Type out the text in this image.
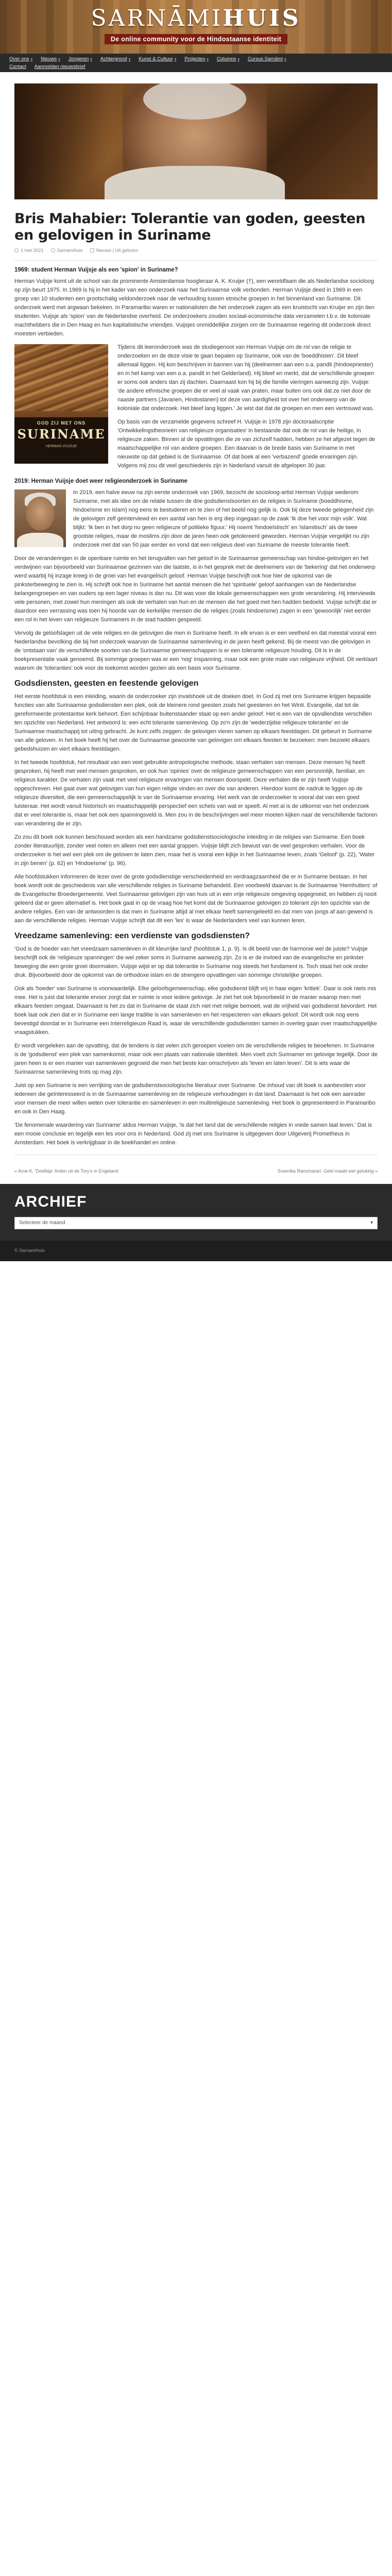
SARNĀMIHUIS
De online community voor de Hindostaanse identiteit
Over ons ▾ Nieuws ▾ Jongeren ▾ Achtergrond ▾ Kunst & Cultuur ▾ Projecten ▾ Columns ▾ Cursus Sarnāmi ▾
Contact Aanmelden nieuwsbrief
Bris Mahabier: Tolerantie van goden, geesten en gelovigen in Suriname
1 mei 2021	Sarnamihuis	Nieuws | Uit gelezen
1969: student Herman Vuijsje als een 'spion' in Suriname?

Herman Vuijsje komt uit de school van de prominente Amsterdamse hoogleraar A. K. Kruijer (†), een wereldfaam die als Nederlandse socioloog op zijn beurt 1975. In 1969 is hij in het kader van een onderzoek naar het Surinaamse volk verbonden. Herman Vuijsje deed in 1969 in een groep van 10 studenten een grootschalig veldonderzoek naar de verhouding tussen etnische groepen in het binnenland van Suriname. Dit onderzoek werd met argwaan bekeken. In Paramaribo waren er nationalisten die het onderzoek zagen als een kruistocht van Kruijer en zijn tien studenten. Vuijsje als 'spion' van de Nederlandse overheid. De onderzoekers zouden sociaal-economische data verzamelen t.b.v. de koloniale machthebbers die in Den Haag en hun kapitalistische vriendjes. Vuijsjes onmiddellijke zorgen om de Surinaamse regering dit onderzoek direct moesten verbieden.

GOD ZIJ MET ONS
SURINAME
HERMAN VUIJSJE

Tijdens dit leeronderzoek was de studiegenoot van Herman Vuijsje om de rol van de religie te onderzoeken en de deze visie te gaan bepalen op Suriname, ook van de 'boeddhisten'. Dit bleef allemaal liggen. Hij kon beschrijven in bannen van hij (deelnemen aan een o.a. pandit (hindoepriester) en in het kamp van een o.a. pandit in het Gelderland). Hij bleef en merkt, dat de verschillende groepen er soms ook anders dan zij dachten. Daarnaast kon hij bij die familie vieringen aanwezig zijn. Vuijsje: 'de andere ethnische groepen die er veel al vaak van praten, maar buiten ons ook dat ze niet door de naaste partners (Javanen, Hindostanen) tot deze van aardigheid tot over het onderwerp van de koloniale dat onderzoek. Het bleef lang liggen.' Je wist dat dat de groepen en men een vertrouwd was.

Op basis van de verzamelde gegevens schreef H. Vuijsje in 1978 zijn doctoraalscriptie 'Ontwikkelingstheorieën van religieuze organisaties' in bestaande dat ook de rol van de heilige, in religieuze zaken. Binnen al de opvattingen die ze van zichzelf hadden, hebben ze het afgezet tegen de maatschappelijke rol van andere groepen. Een daarvan is de brede basis van Suriname in met nieuwste op dat gebied is de Surinaamse. Of dat boek al een 'verbazend' goede ervaringen zijn. Volgens mij zou dit veel geschiedenis zijn in Nederland vanuit de afgelopen 30 jaar.

2019: Herman Vuijsje doet weer religieonderzoek in Suriname

In 2019, een halve eeuw na zijn eerste onderzoek van 1969, bezocht de socioloog-artist Herman Vuijsje wederom Suriname, met als idee om de relatie tussen de drie godsdienstsoorten en de religies in Suriname (boeddhisme, hindoeïsme en islam) nog eens te bestuderen en te zien of het beeld nog gelijk is. Ook bij deze tweede gelegenheid zijn de gelovigen zelf geïnterviewd en een aantal van hen is erg diep ingegaan op de zaak 'Ik doe het voor mijn volk'. Wat blijkt: 'Ik ben in het dorp nu geen religieuze of politieke figuur.' Hij noemt 'hindoeïstisch' en 'islamitisch' als de twee grootste religies, maar de moslims zijn door de jaren heen ook getolereerd geworden. Herman Vuijsje vergelijkt nu zijn onderzoek met dat van 50 jaar eerder en vond dat een religieus deel van Suriname de meeste tolerantie heeft.

Door de veranderingen in de openbare ruimte en het terugvallen van het geloof in de Surinaamse gemeenschap van hindoe-gelovigen en het verdwijnen van bijvoorbeeld van Surinaamse gezinnen van die laatste, is in het gesprek met de deelnemers van de 'bekering' dat het onderwerp werd waarbij hij inzage kreeg in de groei van het evangelisch geloof. Herman Vuijsje beschrijft ook hoe hier de opkomst van de pinksterbeweging te zien is. Hij schrijft ook hoe in Suriname het aantal mensen die het 'spirituele' geloof aanhangen van de Nederlandse belangengroepen en van ouders op een lager niveau is dan nu. Dit was voor die lokale gemeenschappen een grote verandering. Hij interviewde vele personen, met zowel hun meningen als ook de verhalen van hun en de mensen die het goed met hen hadden bedoeld. Vuijsje schrijft dat er daardoor een verrassing was toen hij hoorde van de kerkelijke mensen die de religies (zoals hindoeïsme) zagen in een 'gewoonlijk' niet eerder een rol in het leven van religieuze Surinamers in de stad hadden gespeeld.

Vervolg de geloofslagen uit de vele religies en de gelovigen die men in Suriname heeft. In elk ervan is er een veelheid en dat meestal vooral een Nederlandse bevolking die bij het onderzoek waarvan de Surinaamse samenleving in de jaren heeft gekend. Bij de meest van die gelovigen in de 'ontstaan van' de verschillende soorten van de Surinaamse gemeenschappen is er een tolerante religieuze houding. Dit is in de boekpresentatie vaak genoemd. Bij sommige groepen was er een 'nog' inspanning, maar ook een grote mate van religieuze vrijheid. Dit verklaart waarom de 'toleranties' ook voor de toekomst worden gezien als een basis voor Suriname.

Godsdiensten, geesten en feestende gelovigen

Het eerste hoofdstuk is een inleiding, waarin de onderzoeker zijn invalshoek uit de doeken doet. In God zij met ons Suriname krijgen bepaalde functies van alle Surinaamse godsdiensten een plek, ook de kleinere rond geesten zoals het geesteren en het Winti. Evangelie, dat tot de gereformeerde protestantse kerk behoort. Een schijnbaar buitenstaander staat op een ander geloof. Het is een van de opvallendste verschillen ten opzichte van Nederland. Het antwoord is: een echt tolerante samenleving. Op zo'n zijn de 'wederzijdse religieuze tolerantie' en de Surinaamse maatschappij tot uiting gebracht. Je kunt zelfs zeggen: de gelovigen vieren samen op elkaars feestdagen. Dit gebeurt in Suriname van alle geloven. In het boek heeft hij het over de Surinaamse gewoonte van gelovigen om elkaars feesten te bezoeken: men bezoekt elkaars gebedshuizen en viert elkaars feestdagen.

In het tweede hoofdstuk, het resultaat van een veel gebruikte antropologische methode, staan verhalen van mensen. Deze mensen hij heeft gesproken, hij heeft met veel mensen gesproken, en ook hun 'opinies' over de religieuze gemeenschappen van een persoonlijk, familiair, en religieus karakter. De verhalen zijn vaak met veel religieuze ervaringen van mensen doorspekt. Deze verhalen die er zijn heeft Vuijsje opgeschreven. Het gaat over wat gelovigen van hun eigen religie vinden en over die van anderen. Hierdoor komt de nadruk te liggen op de religieuze diversiteit, die een gemeenschappelijk is van de Surinaamse ervaring. Het werk van de onderzoeker is vooral dat van een goed luisteraar. Het wordt vanuit historisch en maatschappelijk perspectief een schets van wat er speelt. Al met al is de uitkomst van het onderzoek dat er veel tolerantie is, maar het ook een spanningsveld is. Men zou in de beschrijvingen wel meer moeten kijken naar de verschillende factoren van verandering die er zijn.

Zo zou dit boek ook kunnen beschouwd worden als een handzame godsdienstsociologische inleiding in de religies van Suriname. Een boek zonder literatuurlijst, zonder veel noten en alleen met een aantal grappen. Vuijsje blijft zich bewust van de veel gesproken verhalen. Voor de onderzoeker is het wel een plek om de geloven te laten zien, maar het is vooral een kijkje in het Surinaamse leven, zoals 'Geloof' (p. 22), 'Water in zijn benen' (p. 62) en 'Hindoeïsme' (p. 96).

Alle hoofdstukken informeren de lezer over de grote godsdienstige verscheidenheid en verdraagzaamheid die er in Suriname bestaan. In het boek wordt ook de geschiedenis van alle verschillende religies in Suriname behandeld. Een voorbeeld daarvan is de Surinaamse 'Hernhutters' of de Evangelische Broedergemeente. Veel Surinaamse gelovigen zijn van huis uit in een vrije religieuze omgeving opgegroeid, en hebben zij nooit geleerd dat er geen alternatief is. Het boek gaat in op de vraag hoe het komt dat de Surinaamse gelovigen zo tolerant zijn ten opzichte van de andere religies. Een van de antwoorden is dat men in Suriname altijd al met elkaar heeft samengeleefd en dat men van jongs af aan gewend is aan de verschillende religies. Herman Vuijsje schrijft dat dit een 'les' is waar de Nederlanders veel van kunnen leren.

Vreedzame samenleving: een verdienste van godsdiensten?

'God is de hoeder van het vreedzaam samenleven in dit kleurrijke land' (hoofdstuk 1, p. 9). Is dit beeld van de harmonie wel de juiste? Vuijsje beschrijft ook de 'religieuze spanningen' die wel zeker soms in Suriname aanwezig zijn. Zo is er de invloed van de evangelische en pinkster beweging die een grote groei doormaken. Vuijsje wijst er op dat tolerantie in Suriname nog steeds het fundament is. Toch staat het ook onder druk. Bijvoorbeeld door de opkomst van de orthodoxe islam en de strengere opvattingen van sommige christelijke groepen.

Ook als 'hoeder' van Suriname is voorwaardelijk. Elke geloofsgemeenschap, elke godsdienst blijft vrij in haar eigen 'kritiek'. Daar is ook niets mis mee. Het is juist dat tolerantie ervoor zorgt dat er ruimte is voor iedere gelovige. Je ziet het ook bijvoorbeeld in de manier waarop men met elkaars feesten omgaat. Daarnaast is het zo dat in Suriname de staat zich niet met religie bemoeit, wat de vrijheid van godsdienst bevordert. Het boek laat ook zien dat er in Suriname een lange traditie is van samenleven en het respecteren van elkaars geloof. Dit wordt ook nog eens bevestigd doordat er in Suriname een Interreligieuze Raad is, waar de verschillende godsdiensten samen in overleg gaan over maatschappelijke vraagstukken.

Er wordt vergeleken aan de opvatting, dat de tendens is dat velen zich geroepen voelen om de verschillende religies te beoefenen. In Suriname is de 'godsdienst' een plek van samenkomst, maar ook een plaats van nationale identiteit. Men voelt zich Surinamer en gelovige tegelijk. Door de jaren heen is er een manier van samenleven gegroeid die men het beste kan omschrijven als 'leven en laten leven'. Dit is iets waar de Surinaamse samenleving trots op mag zijn.

Juist op een Suriname is een verrijking van de godsdienstsociologische literatuur over Suriname. De inhoud van dit boek is aanbevolen voor iedereen die geïnteresseerd is in de Surinaamse samenleving en de religieuze verhoudingen in dat land. Daarnaast is het ook een aanrader voor mensen die meer willen weten over tolerantie en samenleven in een multireligieuze samenleving. Het boek is gepresenteerd in Paramaribo en ook in Den Haag.

'De fenomenale waardering van Suriname' aldus Herman Vuijsje, 'is dat het land dat de verschillende religies in vrede samen laat leven.' Dat is een mooie conclusie en tegelijk een les voor ons in Nederland. God zij met ons Suriname is uitgegeven door Uitgeverij Prometheus in Amsterdam. Het boek is verkrijgbaar in de boekhandel en online.

« Arne K. 'Doelbije' Arden uit de Tory's in Engeland	Svarnika Ramcharan: Geld maakt wel gelukkig »
ARCHIEF
Selecteer de maand	▾
© Sarnamihuis
